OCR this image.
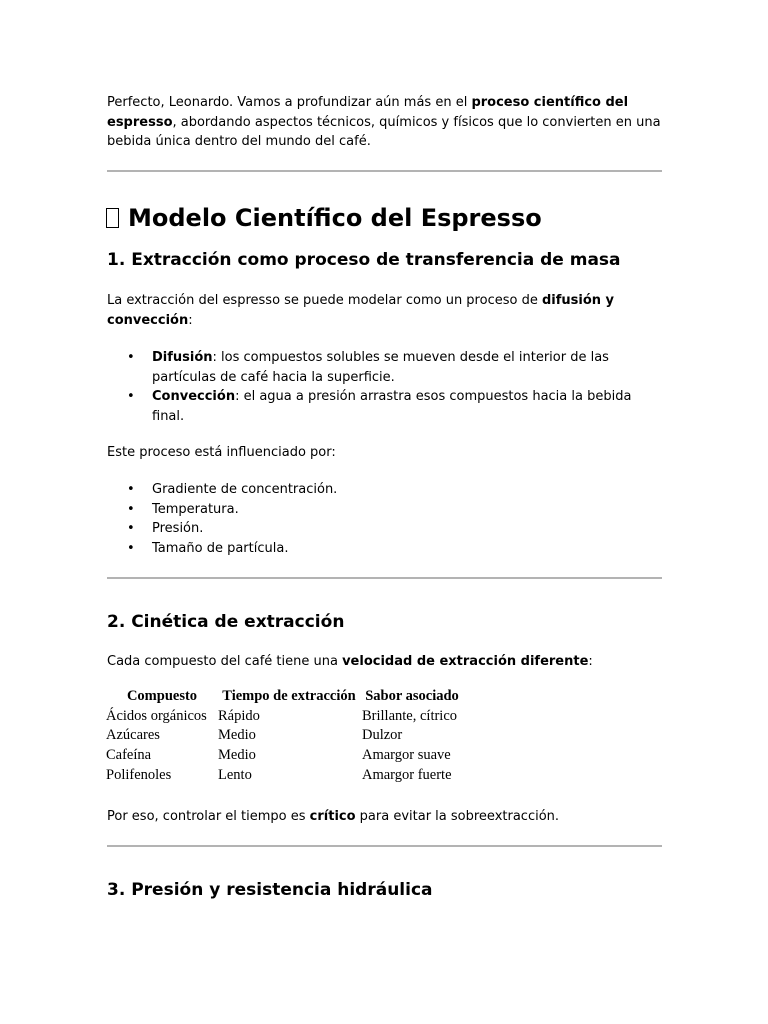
Perfecto, Leonardo. Vamos a profundizar aún más en el proceso científico del espresso, abordando aspectos técnicos, químicos y físicos que lo convierten en una bebida única dentro del mundo del café.

Modelo Científico del Espresso
1. Extracción como proceso de transferencia de masa

La extracción del espresso se puede modelar como un proceso de difusión y convección:

• Difusión: los compuestos solubles se mueven desde el interior de las partículas de café hacia la superficie.
• Convección: el agua a presión arrastra esos compuestos hacia la bebida final.

Este proceso está influenciado por:

• Gradiente de concentración.
• Temperatura.
• Presión.
• Tamaño de partícula.
2. Cinética de extracción

Cada compuesto del café tiene una velocidad de extracción diferente:

Compuesto	Tiempo de extracción	Sabor asociado
Ácidos orgánicos	Rápido	Brillante, cítrico
Azúcares	Medio	Dulzor
Cafeína	Medio	Amargor suave
Polifenoles	Lento	Amargor fuerte

Por eso, controlar el tiempo es crítico para evitar la sobreextracción.

3. Presión y resistencia hidráulica
